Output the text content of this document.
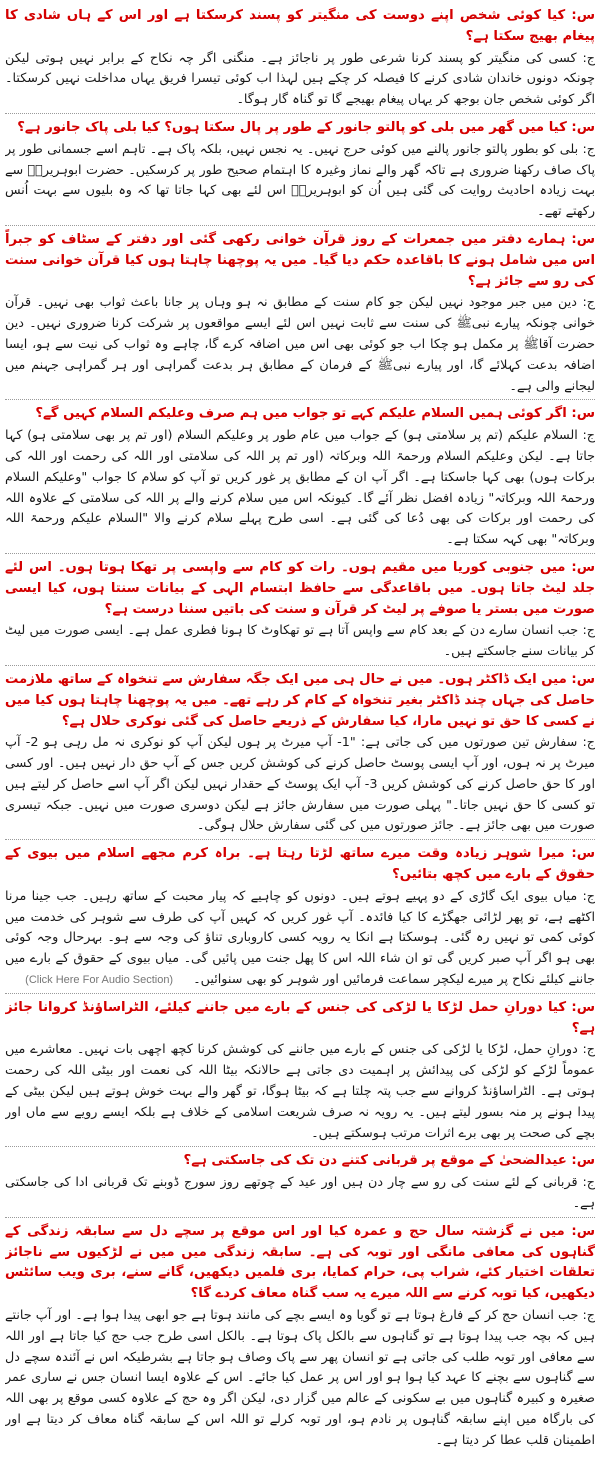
س: کیا کوئی شخص اپنے دوست کی منگیتر کو پسند کرسکتا ہے اور اس کے ہاں شادی کا پیغام بھیج سکتا ہے؟

ج: کسی کی منگیتر کو پسند کرنا شرعی طور پر ناجائز ہے۔ منگنی اگر چہ نکاح کے برابر نہیں ہوتی لیکن چونکہ دونوں خاندان شادی کرنے کا فیصلہ کر چکے ہیں لہذا اب کوئی تیسرا فریق یہاں مداخلت نہیں کرسکتا۔ اگر کوئی شخص جان بوجھ کر یہاں پیغام بھیجے گا تو گناہ گار ہوگا۔

س: کیا میں گھر میں بلی کو پالتو جانور کے طور پر پال سکتا ہوں؟ کیا بلی پاک جانور ہے؟

ج: بلی کو بطور پالتو جانور پالنے میں کوئی حرج نہیں۔ یہ نجس نہیں، بلکہ پاک ہے۔ تاہم اسے جسمانی طور پر پاک صاف رکھنا ضروری ہے تاکہ گھر والے نماز وغیرہ کا اہتمام صحیح طور پر کرسکیں۔ حضرت ابوہریرہؓ سے بہت زیادہ احادیث روایت کی گئی ہیں اُن کو ابوہریرہؓ اس لئے بھی کہا جاتا تھا کہ وہ بلیوں سے بہت اُنس رکھتے تھے۔

س: ہمارے دفتر میں جمعرات کے روز قرآن خوانی رکھی گئی اور دفتر کے سٹاف کو جبراً اس میں شامل ہونے کا باقاعدہ حکم دیا گیا۔ میں یہ پوچھنا چاہتا ہوں کیا قرآن خوانی سنت کی رو سے جائز ہے؟

ج: دین میں جبر موجود نہیں لیکن جو کام سنت کے مطابق نہ ہو وہاں پر جانا باعث ثواب بھی نہیں۔ قرآن خوانی چونکہ پیارے نبیﷺ کی سنت سے ثابت نہیں اس لئے ایسے مواقعوں پر شرکت کرنا ضروری نہیں۔ دین حضرت آقاﷺ پر مکمل ہو چکا اب جو کوئی بھی اس میں اضافہ کرے گا، چاہے وہ ثواب کی نیت سے ہو، ایسا اضافہ بدعت کہلائے گا، اور پیارے نبیﷺ کے فرمان کے مطابق ہر بدعت گمراہی اور ہر گمراہی جہنم میں لیجانے والی ہے۔

س: اگر کوئی ہمیں السلام علیکم کہے تو جواب میں ہم صرف وعلیکم السلام کہیں گے؟

ج: السلام علیکم (تم پر سلامتی ہو) کے جواب میں عام طور پر وعلیکم السلام (اور تم پر بھی سلامتی ہو) کہا جاتا ہے۔ لیکن وعلیکم السلام ورحمۃ اللہ وبرکاتہ (اور تم پر اللہ کی سلامتی اور اللہ کی رحمت اور اللہ کی برکات ہوں) بھی کہا جاسکتا ہے۔ اگر آپ ان کے مطابق پر غور کریں تو آپ کو سلام کا جواب "وعلیکم السلام ورحمۃ اللہ وبرکاتہ" زیادہ افضل نظر آئے گا۔ کیونکہ اس میں سلام کرنے والے پر اللہ کی سلامتی کے علاوہ اللہ کی رحمت اور برکات کی بھی دُعا کی گئی ہے۔ اسی طرح پہلے سلام کرنے والا "السلام علیکم ورحمۃ اللہ وبرکاتہ" بھی کہہ سکتا ہے۔

س: میں جنوبی کوریا میں مقیم ہوں۔ رات کو کام سے واپسی پر تھکا ہوتا ہوں۔ اس لئے جلد لیٹ جاتا ہوں۔ میں باقاعدگی سے حافظ ابتسام الہی کے بیانات سنتا ہوں، کیا ایسی صورت میں بستر یا صوفے پر لیٹ کر قرآن و سنت کی باتیں سننا درست ہے؟

ج: جب انسان سارے دن کے بعد کام سے واپس آتا ہے تو تھکاوٹ کا ہونا فطری عمل ہے۔ ایسی صورت میں لیٹ کر بیانات سنے جاسکتے ہیں۔

س: میں ایک ڈاکٹر ہوں۔ میں نے حال ہی میں ایک جگہ سفارش سے تنخواہ کے ساتھ ملازمت حاصل کی جہاں چند ڈاکٹر بغیر تنخواہ کے کام کر رہے تھے۔ میں یہ پوچھنا چاہتا ہوں کیا میں نے کسی کا حق تو نہیں مارا، کیا سفارش کے ذریعے حاصل کی گئی نوکری حلال ہے؟

ج: سفارش تین صورتوں میں کی جاتی ہے: "1- آپ میرٹ پر ہوں لیکن آپ کو نوکری نہ مل رہی ہو 2- آپ میرٹ پر نہ ہوں، اور آپ ایسی پوسٹ حاصل کرنے کی کوشش کریں جس کے آپ حق دار نہیں ہیں۔ اور کسی اور کا حق حاصل کرنے کی کوشش کریں 3- آپ ایک پوسٹ کے حقدار نہیں لیکن اگر آپ اسے حاصل کر لیتے ہیں تو کسی کا حق نہیں جاتا۔" پہلی صورت میں سفارش جائز ہے لیکن دوسری صورت میں نہیں۔ جبکہ تیسری صورت میں بھی جائز ہے۔ جائز صورتوں میں کی گئی سفارش حلال ہوگی۔

س: میرا شوہر زیادہ وقت میرے ساتھ لڑتا رہتا ہے۔ براہ کرم مجھے اسلام میں بیوی کے حقوق کے بارے میں کچھ بتائیں؟

ج: میاں بیوی ایک گاڑی کے دو پہیے ہوتے ہیں۔ دونوں کو چاہیے کہ پیار محبت کے ساتھ رہیں۔ جب جینا مرنا اکٹھے ہے، تو پھر لڑائی جھگڑے کا کیا فائدہ۔ آپ غور کریں کہ کہیں آپ کی طرف سے شوہر کی خدمت میں کوئی کمی تو نہیں رہ گئی۔ ہوسکتا ہے انکا یہ رویہ کسی کاروباری تناؤ کی وجہ سے ہو۔ بہرحال وجہ کوئی بھی ہو اگر آپ صبر کریں گی تو ان شاء اللہ اس کا پھل جنت میں پائیں گی۔ میاں بیوی کے حقوق کے بارے میں جاننے کیلئے نکاح پر میرے لیکچر سماعت فرمائیں اور شوہر کو بھی سنوائیں۔ (Click Here For Audio Section)

س: کیا دورانِ حمل لڑکا یا لڑکی کی جنس کے بارے میں جاننے کیلئے، الٹراساؤنڈ کروانا جائز ہے؟

ج: دورانِ حمل، لڑکا یا لڑکی کی جنس کے بارے میں جاننے کی کوشش کرنا کچھ اچھی بات نہیں۔ معاشرے میں عموماً لڑکے کو لڑکی کی پیدائش پر اہمیت دی جاتی ہے حالانکہ بیٹا اللہ کی نعمت اور بیٹی اللہ کی رحمت ہوتی ہے۔ الٹراساؤنڈ کروانے سے جب پتہ چلتا ہے کہ بیٹا ہوگا، تو گھر والے بہت خوش ہوتے ہیں لیکن بیٹی کے پیدا ہونے پر منہ بسور لیتے ہیں۔ یہ رویہ نہ صرف شریعت اسلامی کے خلاف ہے بلکہ ایسے رویے سے ماں اور بچے کی صحت پر بھی برے اثرات مرتب ہوسکتے ہیں۔

س: عیدالضحیٰ کے موقع پر قربانی کتنے دن تک کی جاسکتی ہے؟

ج: قربانی کے لئے سنت کی رو سے چار دن ہیں اور عید کے چوتھے روز سورج ڈوبنے تک قربانی ادا کی جاسکتی ہے۔

س: میں نے گزشتہ سال حج و عمرہ کیا اور اس موقع پر سچے دل سے سابقہ زندگی کے گناہوں کی معافی مانگی اور توبہ کی ہے۔ سابقہ زندگی میں میں نے لڑکیوں سے ناجائز تعلقات اختیار کئے، شراب پی، حرام کمایا، بری فلمیں دیکھیں، گانے سنے، بری ویب سائٹس دیکھیں، کیا توبہ کرنے سے اللہ میرے یہ سب گناہ معاف کردے گا؟

ج: جب انسان حج کر کے فارغ ہوتا ہے تو گویا وہ ایسے بچے کی مانند ہوتا ہے جو ابھی پیدا ہوا ہے۔ اور آپ جانتے ہیں کہ بچہ جب پیدا ہوتا ہے تو گناہوں سے بالکل پاک ہوتا ہے۔ بالکل اسی طرح جب حج کیا جاتا ہے اور اللہ سے معافی اور توبہ طلب کی جاتی ہے تو انسان پھر سے پاک وصاف ہو جاتا ہے بشرطیکہ اس نے آئندہ سچے دل سے گناہوں سے بچنے کا عہد کیا ہوا ہو اور اس پر عمل کیا جائے۔ اس کے علاوہ ایسا انسان جس نے ساری عمر صغیرہ و کبیرہ گناہوں میں بے سکونی کے عالم میں گزار دی، لیکن اگر وہ حج کے علاوہ کسی موقع پر بھی اللہ کی بارگاہ میں اپنے سابقہ گناہوں پر نادم ہو، اور توبہ کرلے تو اللہ اس کے سابقہ گناہ معاف کر دیتا ہے اور اطمینان قلب عطا کر دیتا ہے۔
